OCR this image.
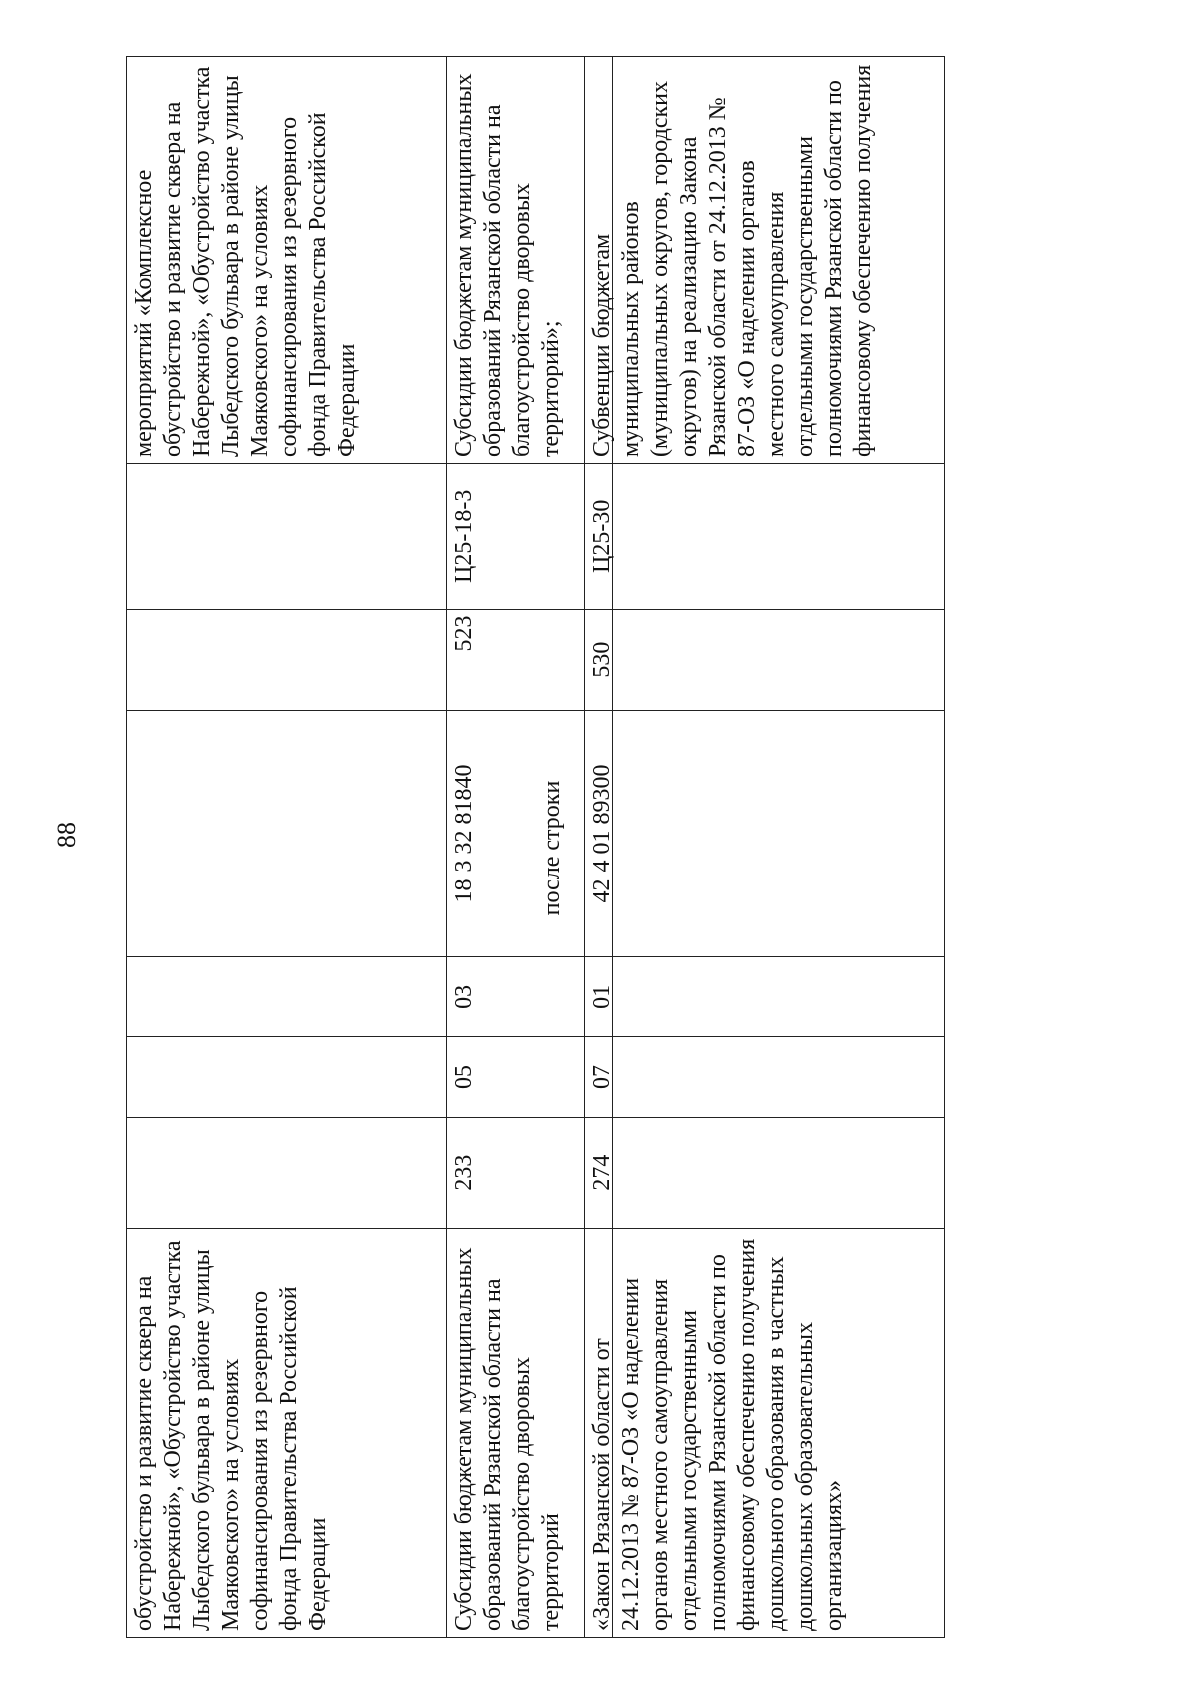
88
обустройство и развитие сквера на Набережной», «Обустройство участка Лыбедского бульвара в районе улицы Маяковского» на условиях софинансирования из резервного фонда Правительства Российской Федерации							мероприятий «Комплексное обустройство и развитие сквера на Набережной», «Обустройство участка Лыбедского бульвара в районе улицы Маяковского» на условиях софинансирования из резервного фонда Правительства Российской Федерации
Субсидии бюджетам муниципальных образований Рязанской области на благоустройство дворовых территорий	233	05	03	18 3 32 81840	523	Ц25-18-3	Субсидии бюджетам муниципальных образований Рязанской области на благоустройство дворовых территорий»;
после строки
«Закон Рязанской области от 24.12.2013 № 87-ОЗ «О наделении органов местного самоуправления отдельными государственными полномочиями Рязанской области по финансовому обеспечению получения дошкольного образования в частных дошкольных образовательных организациях»	274	07	01	42 4 01 89300	530	Ц25-30	Субвенции бюджетам муниципальных районов (муниципальных округов, городских округов) на реализацию Закона Рязанской области от 24.12.2013 № 87-ОЗ «О наделении органов местного самоуправления отдельными государственными полномочиями Рязанской области по финансовому обеспечению получения
